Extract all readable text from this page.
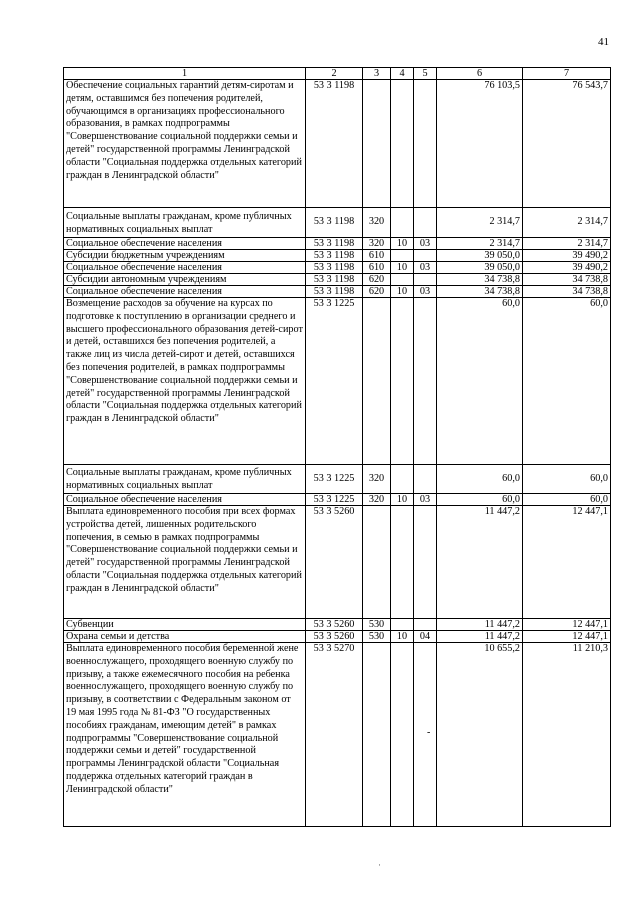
41
1	2	3	4	5	6	7
Обеспечение социальных гарантий детям-сиротам и детям, оставшимся без попечения родителей, обучающимся в организациях профессионального образования, в рамках подпрограммы "Совершенствование социальной поддержки семьи и детей" государственной программы Ленинградской области "Социальная поддержка отдельных категорий граждан в Ленинградской области"	53 3 1198				76 103,5	76 543,7
Социальные выплаты гражданам, кроме публичных нормативных социальных выплат	53 3 1198	320			2 314,7	2 314,7
Социальное обеспечение населения	53 3 1198	320	10	03	2 314,7	2 314,7
Субсидии бюджетным учреждениям	53 3 1198	610			39 050,0	39 490,2
Социальное обеспечение населения	53 3 1198	610	10	03	39 050,0	39 490,2
Субсидии автономным учреждениям	53 3 1198	620			34 738,8	34 738,8
Социальное обеспечение населения	53 3 1198	620	10	03	34 738,8	34 738,8
Возмещение расходов за обучение на курсах по подготовке к поступлению в организации среднего и высшего профессионального образования детей-сирот и детей, оставшихся без попечения родителей, а также лиц из числа детей-сирот и детей, оставшихся без попечения родителей, в рамках подпрограммы "Совершенствование социальной поддержки семьи и детей" государственной программы Ленинградской области "Социальная поддержка отдельных категорий граждан в Ленинградской области"	53 3 1225				60,0	60,0
Социальные выплаты гражданам, кроме публичных нормативных социальных выплат	53 3 1225	320			60,0	60,0
Социальное обеспечение населения	53 3 1225	320	10	03	60,0	60,0
Выплата единовременного пособия при всех формах устройства детей, лишенных родительского попечения, в семью в рамках подпрограммы "Совершенствование социальной поддержки семьи и детей" государственной программы Ленинградской области "Социальная поддержка отдельных категорий граждан в Ленинградской области"	53 3 5260				11 447,2	12 447,1
Субвенции	53 3 5260	530			11 447,2	12 447,1
Охрана семьи и детства	53 3 5260	530	10	04	11 447,2	12 447,1
Выплата единовременного пособия беременной жене военнослужащего, проходящего военную службу по призыву, а также ежемесячного пособия на ребенка военнослужащего, проходящего военную службу по призыву, в соответствии с Федеральным законом от 19 мая 1995 года № 81-ФЗ "О государственных пособиях гражданам, имеющим детей" в рамках подпрограммы "Совершенствование социальной поддержки семьи и детей" государственной программы Ленинградской области "Социальная поддержка отдельных категорий граждан в Ленинградской области"	53 3 5270				10 655,2	11 210,3
-
·
